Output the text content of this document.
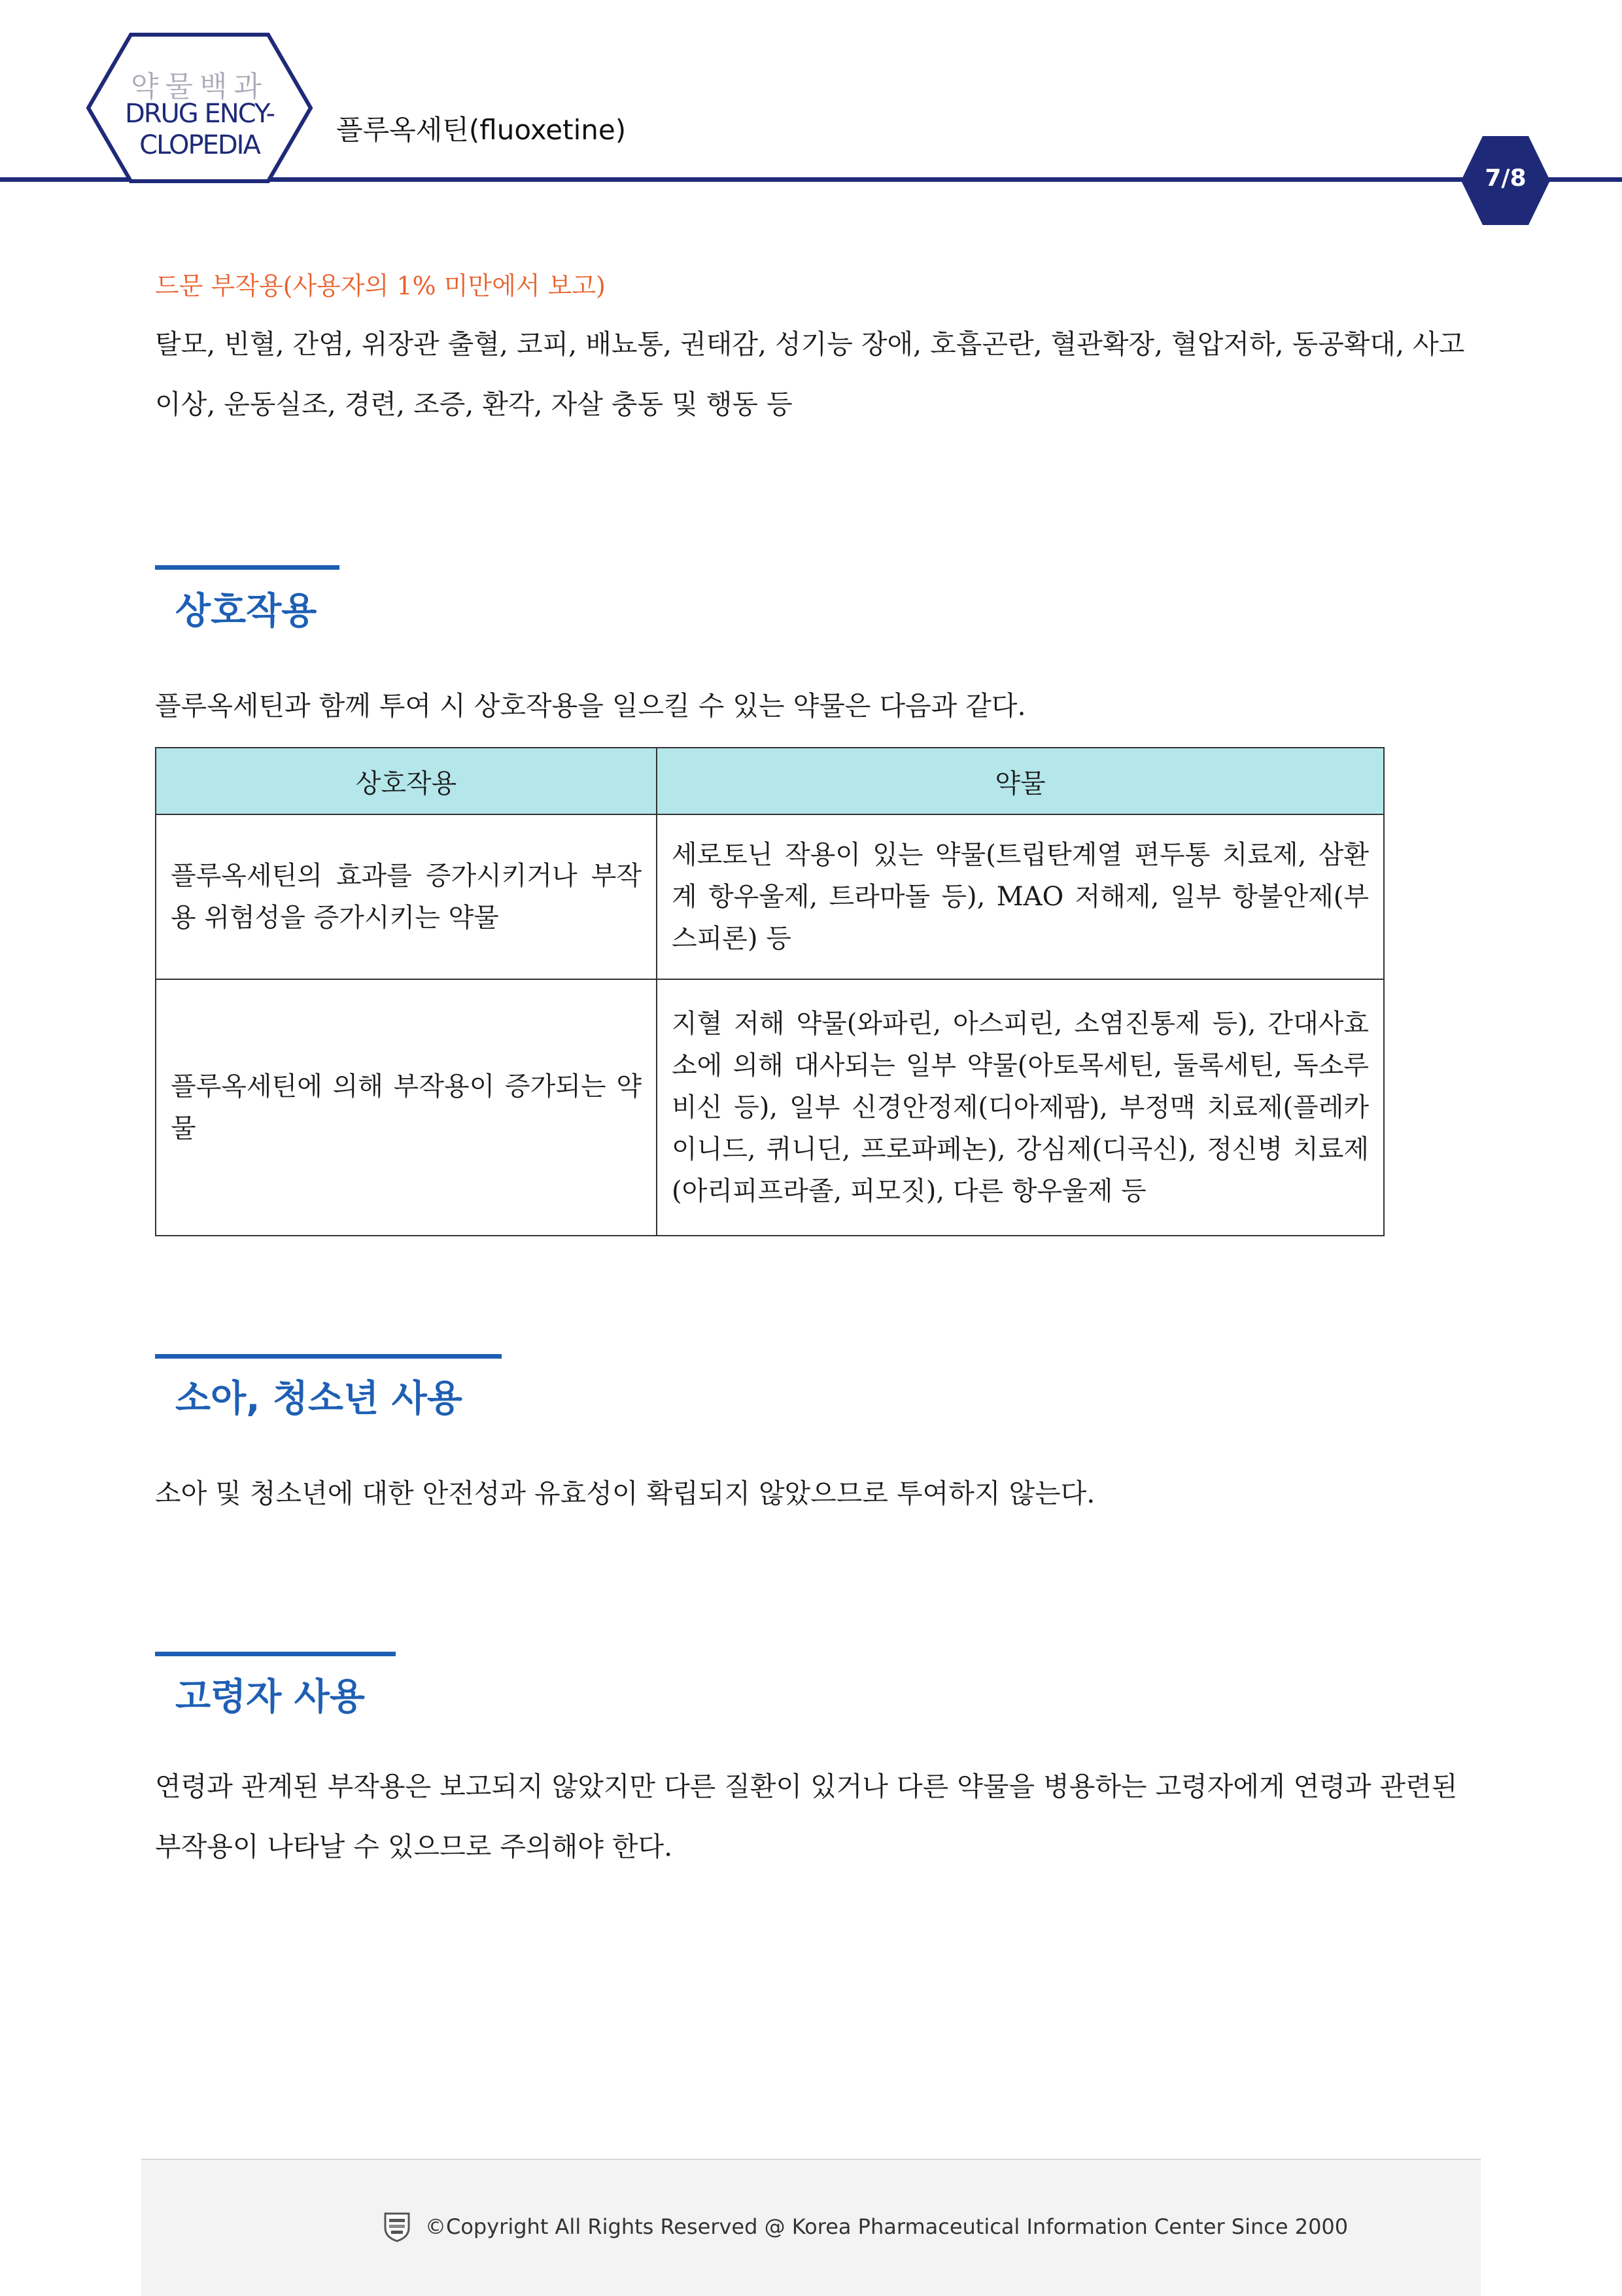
약물백과
DRUG ENCY-
CLOPEDIA	플루옥세틴(fluoxetine)
7/8
드문 부작용(사용자의 1% 미만에서 보고)
탈모, 빈혈, 간염, 위장관 출혈, 코피, 배뇨통, 권태감, 성기능 장애, 호흡곤란, 혈관확장, 혈압저하, 동공확대, 사고 이상, 운동실조, 경련, 조증, 환각, 자살 충동 및 행동 등
상호작용
플루옥세틴과 함께 투여 시 상호작용을 일으킬 수 있는 약물은 다음과 같다.
상호작용	약물
플루옥세틴의 효과를 증가시키거나 부작용 위험성을 증가시키는 약물	세로토닌 작용이 있는 약물(트립탄계열 편두통 치료제, 삼환계 항우울제, 트라마돌 등), MAO 저해제, 일부 항불안제(부스피론) 등
플루옥세틴에 의해 부작용이 증가되는 약물	지혈 저해 약물(와파린, 아스피린, 소염진통제 등), 간대사효소에 의해 대사되는 일부 약물(아토목세틴, 둘록세틴, 독소루비신 등), 일부 신경안정제(디아제팜), 부정맥 치료제(플레카이니드, 퀴니딘, 프로파페논), 강심제(디곡신), 정신병 치료제(아리피프라졸, 피모짓), 다른 항우울제 등
소아, 청소년 사용
소아 및 청소년에 대한 안전성과 유효성이 확립되지 않았으므로 투여하지 않는다.
고령자 사용
연령과 관계된 부작용은 보고되지 않았지만 다른 질환이 있거나 다른 약물을 병용하는 고령자에게 연령과 관련된 부작용이 나타날 수 있으므로 주의해야 한다.
©Copyright All Rights Reserved @ Korea Pharmaceutical Information Center Since 2000
